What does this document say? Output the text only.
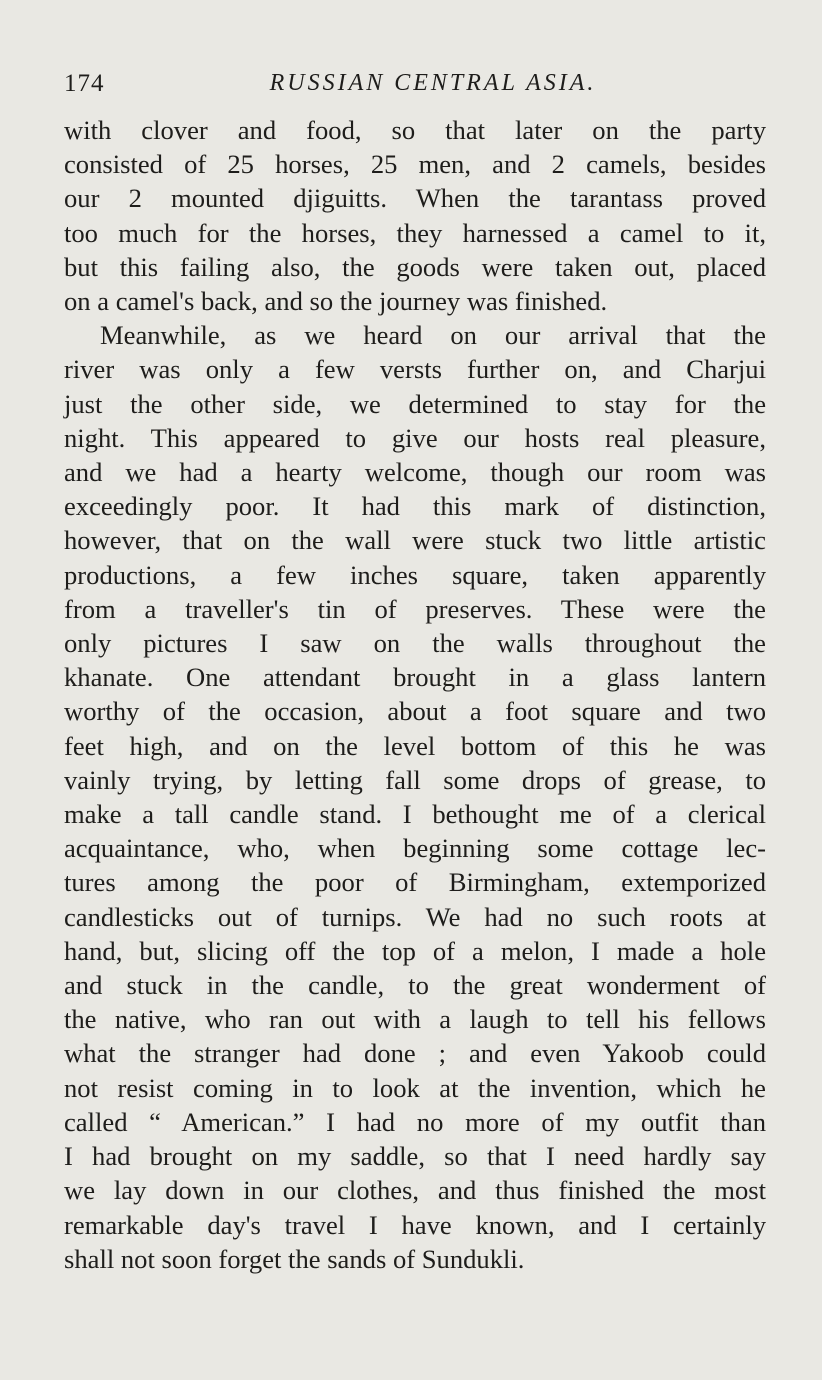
174	RUSSIAN CENTRAL ASIA.

with clover and food, so that later on the party

consisted of 25 horses, 25 men, and 2 camels, besides

our 2 mounted djiguitts. When the tarantass proved

too much for the horses, they harnessed a camel to it,

but this failing also, the goods were taken out, placed

on a camel's back, and so the journey was finished.

Meanwhile, as we heard on our arrival that the

river was only a few versts further on, and Charjui

just the other side, we determined to stay for the

night. This appeared to give our hosts real pleasure,

and we had a hearty welcome, though our room was

exceedingly poor. It had this mark of distinction,

however, that on the wall were stuck two little artistic

productions, a few inches square, taken apparently

from a traveller's tin of preserves. These were the

only pictures I saw on the walls throughout the

khanate. One attendant brought in a glass lantern

worthy of the occasion, about a foot square and two

feet high, and on the level bottom of this he was

vainly trying, by letting fall some drops of grease, to

make a tall candle stand. I bethought me of a clerical

acquaintance, who, when beginning some cottage lec-

tures among the poor of Birmingham, extemporized

candlesticks out of turnips. We had no such roots at

hand, but, slicing off the top of a melon, I made a hole

and stuck in the candle, to the great wonderment of

the native, who ran out with a laugh to tell his fellows

what the stranger had done ; and even Yakoob could

not resist coming in to look at the invention, which he

called “ American.” I had no more of my outfit than

I had brought on my saddle, so that I need hardly say

we lay down in our clothes, and thus finished the most

remarkable day's travel I have known, and I certainly

shall not soon forget the sands of Sundukli.
